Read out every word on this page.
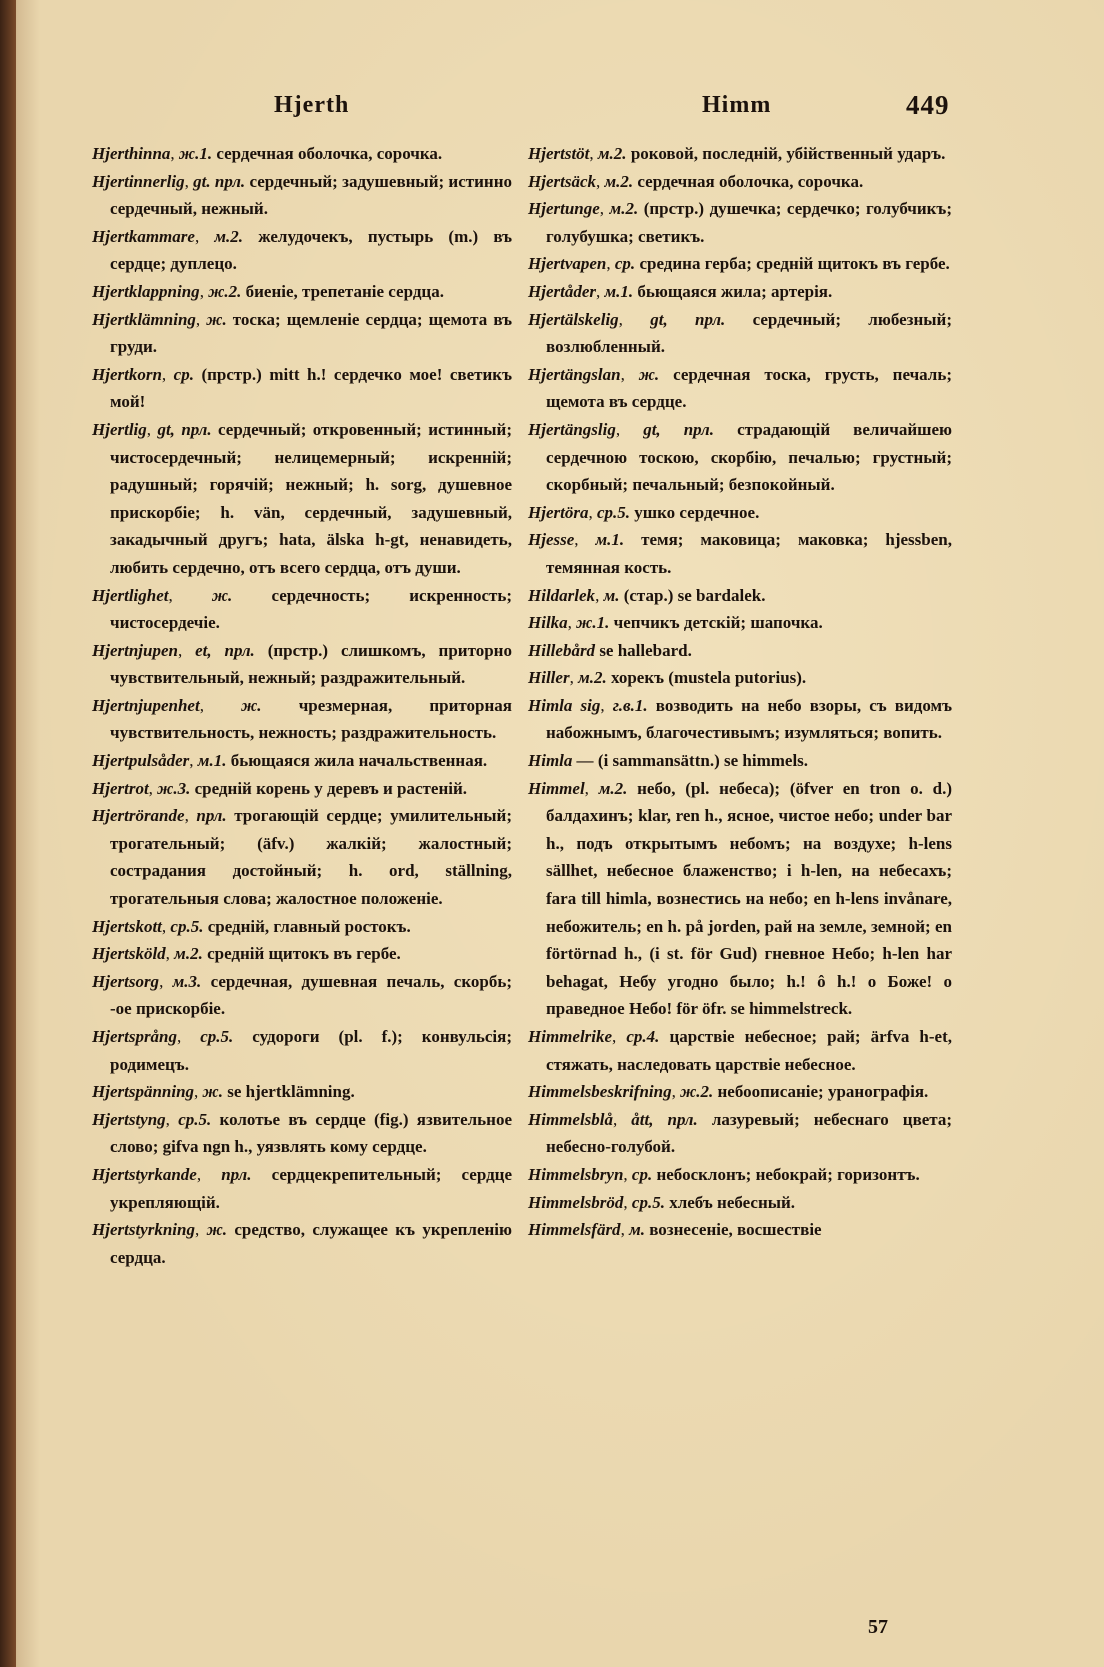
Hjerth	Himm	449

Hjerthinna, ж.1. сердечная оболочка, сорочка.

Hjertinnerlig, gt. прл. сердечный; задушевный; истинно сердечный, нежный.

Hjertkammare, м.2. желудочекъ, пустырь (m.) въ сердце; дуплецо.

Hjertklappning, ж.2. биеніе, трепетаніе сердца.

Hjertklämning, ж. тоска; щемленіе сердца; щемота въ груди.

Hjertkorn, ср. (прстр.) mitt h.! сердечко мое! светикъ мой!

Hjertlig, gt, прл. сердечный; откровенный; истинный; чистосердечный; нелицемерный; искренній; радушный; горячій; нежный; h. sorg, душевное прискорбіе; h. vän, сердечный, задушевный, закадычный другъ; hata, älska h-gt, ненавидеть, любить сердечно, отъ всего сердца, отъ души.

Hjertlighet, ж. сердечность; искренность; чистосердечіе.

Hjertnjupen, et, прл. (прстр.) слишкомъ, приторно чувствительный, нежный; раздражительный.

Hjertnjupenhet, ж. чрезмерная, приторная чувствительность, нежность; раздражительность.

Hjertpulsåder, м.1. бьющаяся жила начальственная.

Hjertrot, ж.3. средній корень у деревъ и растеній.

Hjertrörande, прл. трогающій сердце; умилительный; трогательный; (äfv.) жалкій; жалостный; сострадания достойный; h. ord, ställning, трогательныя слова; жалостное положеніе.

Hjertskott, ср.5. средній, главный ростокъ.

Hjertsköld, м.2. средній щитокъ въ гербе.

Hjertsorg, м.3. сердечная, душевная печаль, скорбь; -ое прискорбіе.

Hjertsprång, ср.5. судороги (pl. f.); конвульсія; родимецъ.

Hjertspänning, ж. se hjertklämning.

Hjertstyng, ср.5. колотье въ сердце (fig.) язвительное слово; gifva ngn h., уязвлять кому сердце.

Hjertstyrkande, прл. сердцекрепительный; сердце укрепляющій.

Hjertstyrkning, ж. средство, служащее къ укрепленію сердца.

Hjertstöt, м.2. роковой, последній, убійственный ударъ.

Hjertsäck, м.2. сердечная оболочка, сорочка.

Hjertunge, м.2. (прстр.) душечка; сердечко; голубчикъ; голубушка; светикъ.

Hjertvapen, ср. средина герба; средній щитокъ въ гербе.

Hjertåder, м.1. бьющаяся жила; артерія.

Hjertälskelig, gt, прл. сердечный; любезный; возлюбленный.

Hjertängslan, ж. сердечная тоска, грусть, печаль; щемота въ сердце.

Hjertängslig, gt, прл. страдающій величайшею сердечною тоскою, скорбію, печалью; грустный; скорбный; печальный; безпокойный.

Hjertöra, ср.5. ушко сердечное.

Hjesse, м.1. темя; маковица; маковка; hjessben, темянная кость.

Hildarlek, м. (стар.) se bardalek.

Hilka, ж.1. чепчикъ детскій; шапочка.

Hillebård se hallebard.

Hiller, м.2. хорекъ (mustela putorius).

Himla sig, г.в.1. возводить на небо взоры, съ видомъ набожнымъ, благочестивымъ; изумляться; вопить.

Himla — (i sammansättn.) se himmels.

Himmel, м.2. небо, (pl. небеса); (öfver en tron o. d.) балдахинъ; klar, ren h., ясное, чистое небо; under bar h., подъ открытымъ небомъ; на воздухе; h-lens sällhet, небесное блаженство; i h-len, на небесахъ; fara till himla, вознестись на небо; en h-lens invånare, небожитель; en h. på jorden, рай на земле, земной; en förtörnad h., (i st. för Gud) гневное Небо; h-len har behagat, Небу угодно было; h.! ô h.! о Боже! о праведное Небо! för öfr. se himmelstreck.

Himmelrike, ср.4. царствіе небесное; рай; ärfva h-et, стяжать, наследовать царствіе небесное.

Himmelsbeskrifning, ж.2. небоописаніе; уранографія.

Himmelsblå, ått, прл. лазуревый; небеснаго цвета; небесно-голубой.

Himmelsbryn, ср. небосклонъ; небокрай; горизонтъ.

Himmelsbröd, ср.5. хлебъ небесный.

Himmelsfärd, м. вознесеніе, восшествіе

57
